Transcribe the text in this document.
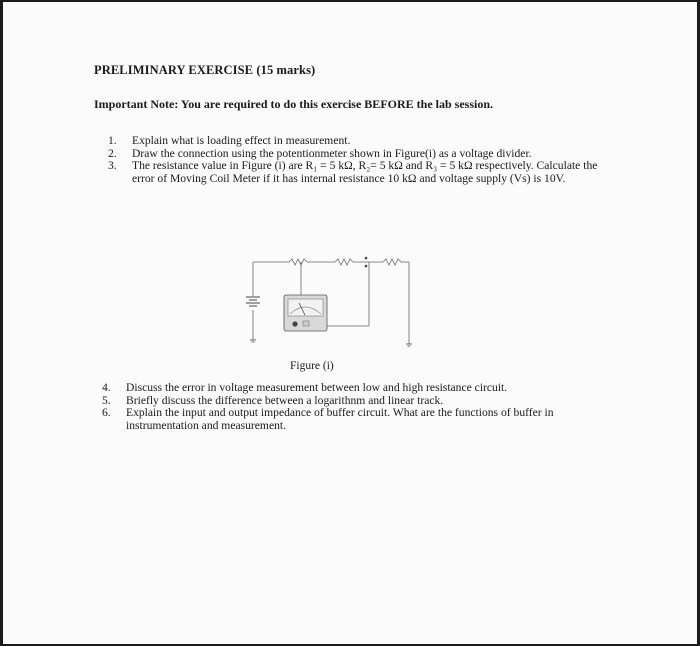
PRELIMINARY EXERCISE (15 marks)
Important Note: You are required to do this exercise BEFORE the lab session.
1.	Explain what is loading effect in measurement.
2.	Draw the connection using the potentionmeter shown in Figure(i) as a voltage divider.
3.	The resistance value in Figure (i) are R₁ = 5 kΩ, R₂= 5 kΩ and R₃ = 5 kΩ respectively. Calculate the error of Moving Coil Meter if it has internal resistance 10 kΩ and voltage supply (Vs) is 10V.
Figure (i)
4.	Discuss the error in voltage measurement between low and high resistance circuit.
5.	Briefly discuss the difference between a logarithnm and linear track.
6.	Explain the input and output impedance of buffer circuit. What are the functions of buffer in instrumentation and measurement.
